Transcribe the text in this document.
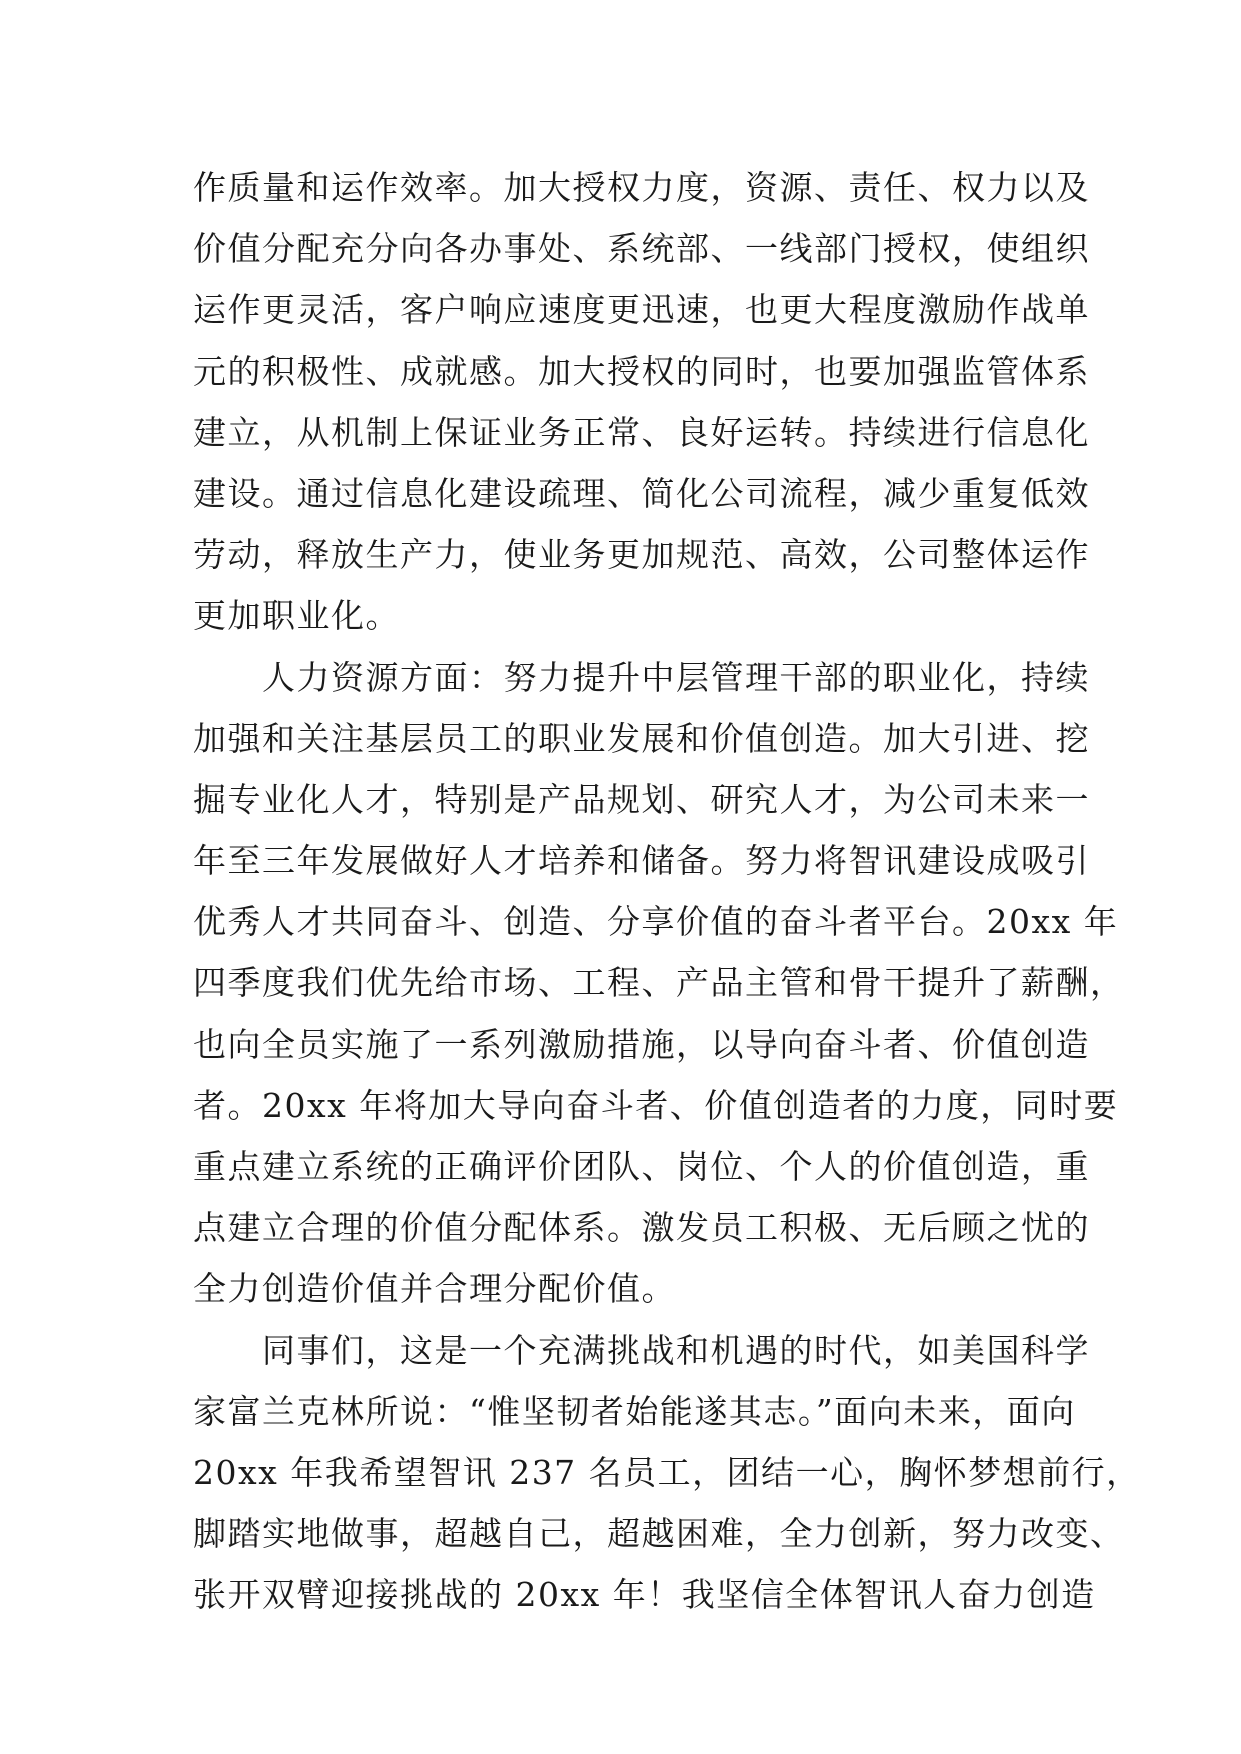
作质量和运作效率。加大授权力度，资源、责任、权力以及
价值分配充分向各办事处、系统部、一线部门授权，使组织
运作更灵活，客户响应速度更迅速，也更大程度激励作战单
元的积极性、成就感。加大授权的同时，也要加强监管体系
建立，从机制上保证业务正常、良好运转。持续进行信息化
建设。通过信息化建设疏理、简化公司流程，减少重复低效
劳动，释放生产力，使业务更加规范、高效，公司整体运作
更加职业化。
　　人力资源方面：努力提升中层管理干部的职业化，持续
加强和关注基层员工的职业发展和价值创造。加大引进、挖
掘专业化人才，特别是产品规划、研究人才，为公司未来一
年至三年发展做好人才培养和储备。努力将智讯建设成吸引
优秀人才共同奋斗、创造、分享价值的奋斗者平台。20xx 年
四季度我们优先给市场、工程、产品主管和骨干提升了薪酬，
也向全员实施了一系列激励措施，以导向奋斗者、价值创造
者。20xx 年将加大导向奋斗者、价值创造者的力度，同时要
重点建立系统的正确评价团队、岗位、个人的价值创造，重
点建立合理的价值分配体系。激发员工积极、无后顾之忧的
全力创造价值并合理分配价值。
　　同事们，这是一个充满挑战和机遇的时代，如美国科学
家富兰克林所说：“惟坚韧者始能遂其志。”面向未来，面向
20xx 年我希望智讯 237 名员工，团结一心，胸怀梦想前行，
脚踏实地做事，超越自己，超越困难，全力创新，努力改变、
张开双臂迎接挑战的 20xx 年！我坚信全体智讯人奋力创造
